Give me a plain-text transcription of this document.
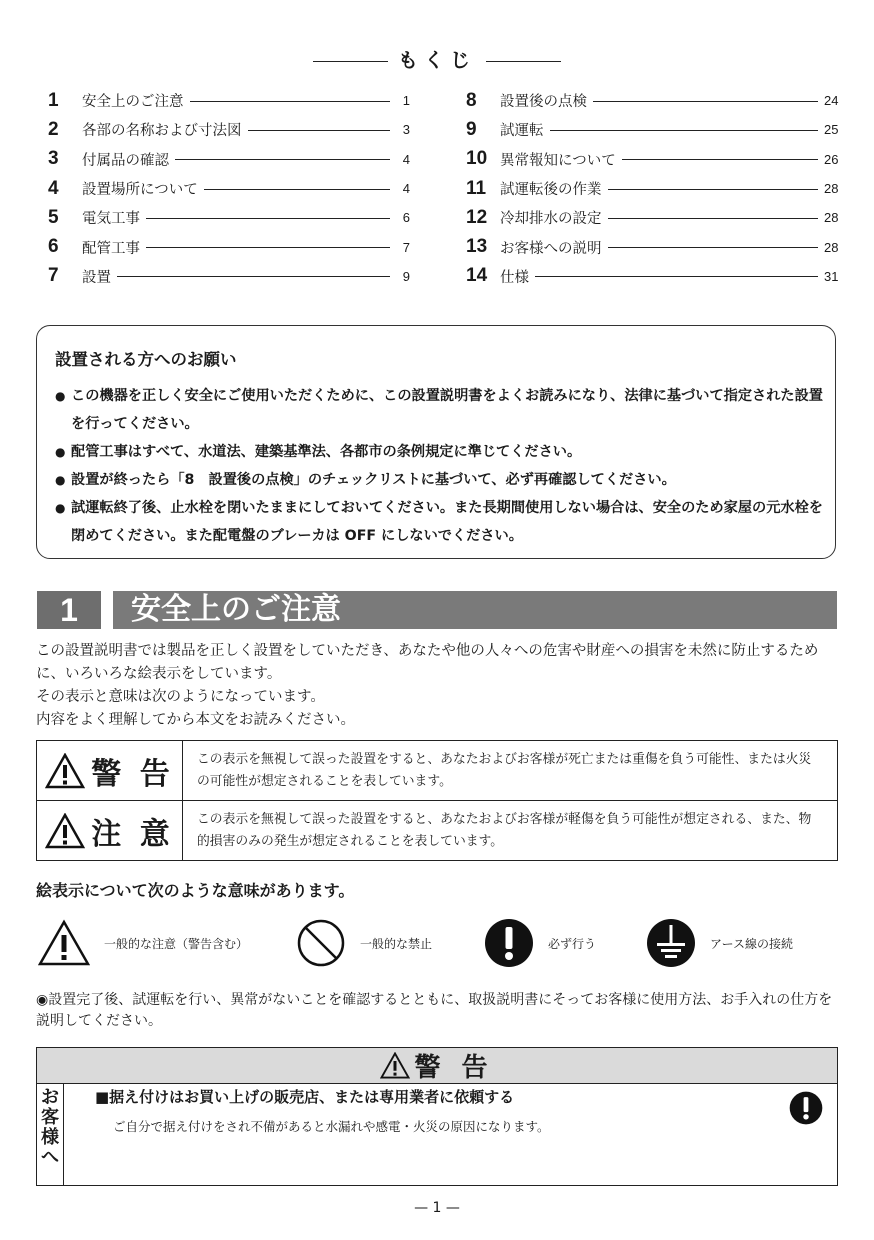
もくじ
1	安全上のご注意	1
2	各部の名称および寸法図	3
3	付属品の確認	4
4	設置場所について	4
5	電気工事	6
6	配管工事	7
7	設置	9
8	設置後の点検	24
9	試運転	25
10 異常報知について	26
11 試運転後の作業	28
12 冷却排水の設定	28
13 お客様への説明	28
14 仕様	31
設置される方へのお願い
● この機器を正しく安全にご使用いただくために、この設置説明書をよくお読みになり、法律に基づいて指定された設置を行ってください。
● 配管工事はすべて、水道法、建築基準法、各都市の条例規定に準じてください。
● 設置が終ったら「8　設置後の点検」のチェックリストに基づいて、必ず再確認してください。
● 試運転終了後、止水栓を閉いたままにしておいてください。また長期間使用しない場合は、安全のため家屋の元水栓を閉めてください。また配電盤のブレーカは OFF にしないでください。
1	安全上のご注意
この設置説明書では製品を正しく設置をしていただき、あなたや他の人々への危害や財産への損害を未然に防止するために、いろいろな絵表示をしています。
その表示と意味は次のようになっています。
内容をよく理解してから本文をお読みください。
警 告	この表示を無視して誤った設置をすると、あなたおよびお客様が死亡または重傷を負う可能性、または火災の可能性が想定されることを表しています。
注 意	この表示を無視して誤った設置をすると、あなたおよびお客様が軽傷を負う可能性が想定される、また、物的損害のみの発生が想定されることを表しています。
絵表示について次のような意味があります。
一般的な注意（警告含む）	一般的な禁止	必ず行う	アース線の接続
◉設置完了後、試運転を行い、異常がないことを確認するとともに、取扱説明書にそってお客様に使用方法、お手入れの仕方を説明してください。
警 告
お
客
様
へ
■据え付けはお買い上げの販売店、または専用業者に依頼する
ご自分で据え付けをされ不備があると水漏れや感電・火災の原因になります。
— 1 —
